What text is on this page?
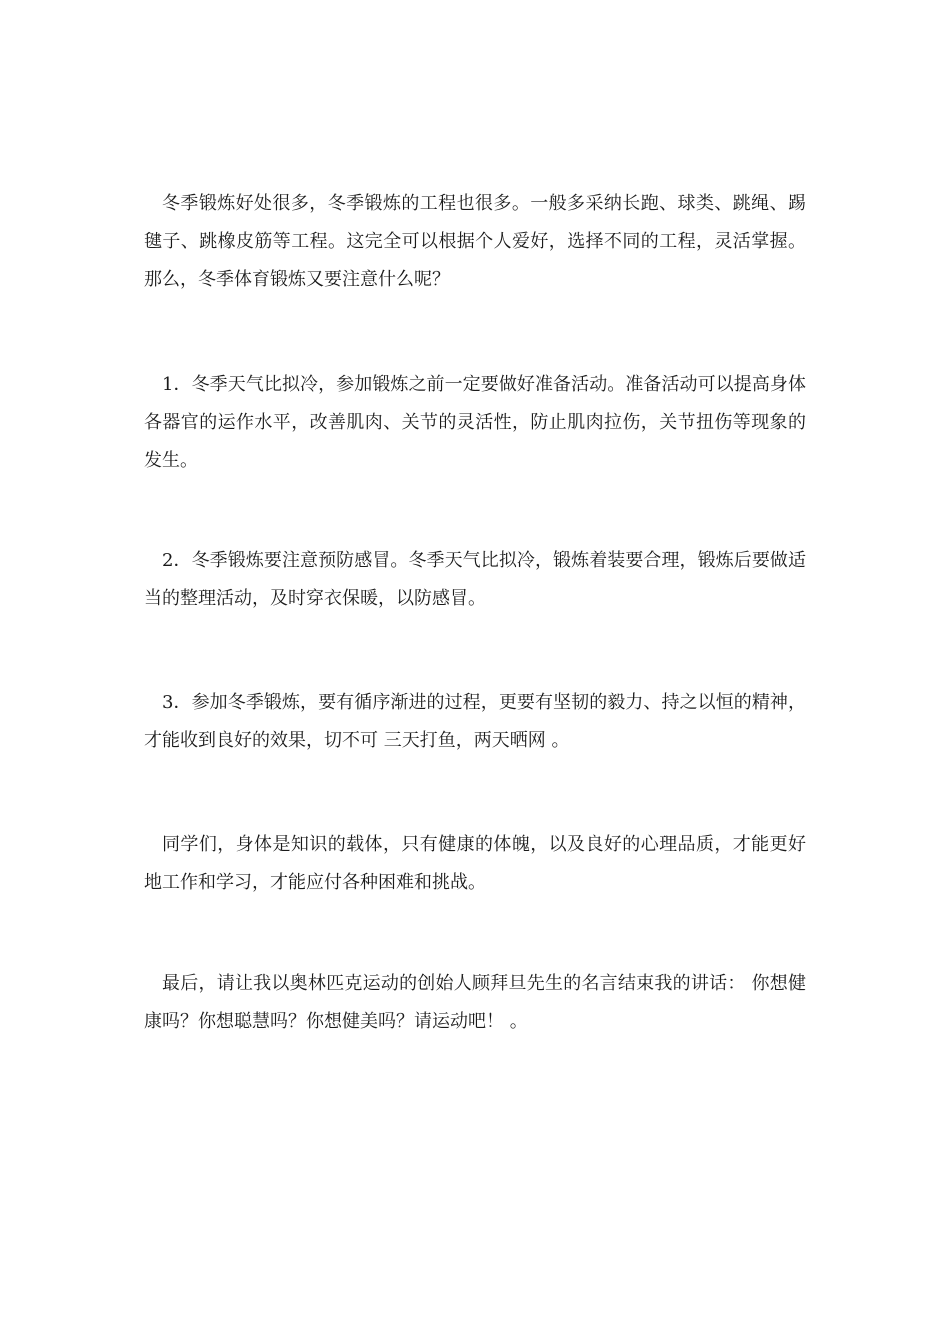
冬季锻炼好处很多，冬季锻炼的工程也很多。一般多采纳长跑、球类、跳绳、踢毽子、跳橡皮筋等工程。这完全可以根据个人爱好，选择不同的工程，灵活掌握。那么，冬季体育锻炼又要注意什么呢？

1．冬季天气比拟冷，参加锻炼之前一定要做好准备活动。准备活动可以提高身体各器官的运作水平，改善肌肉、关节的灵活性，防止肌肉拉伤，关节扭伤等现象的发生。

2．冬季锻炼要注意预防感冒。冬季天气比拟冷，锻炼着装要合理，锻炼后要做适当的整理活动，及时穿衣保暖，以防感冒。

3．参加冬季锻炼，要有循序渐进的过程，更要有坚韧的毅力、持之以恒的精神，才能收到良好的效果，切不可 三天打鱼，两天晒网 。

同学们，身体是知识的载体，只有健康的体魄，以及良好的心理品质，才能更好地工作和学习，才能应付各种困难和挑战。

最后，请让我以奥林匹克运动的创始人顾拜旦先生的名言结束我的讲话： 你想健康吗？你想聪慧吗？你想健美吗？请运动吧！ 。
